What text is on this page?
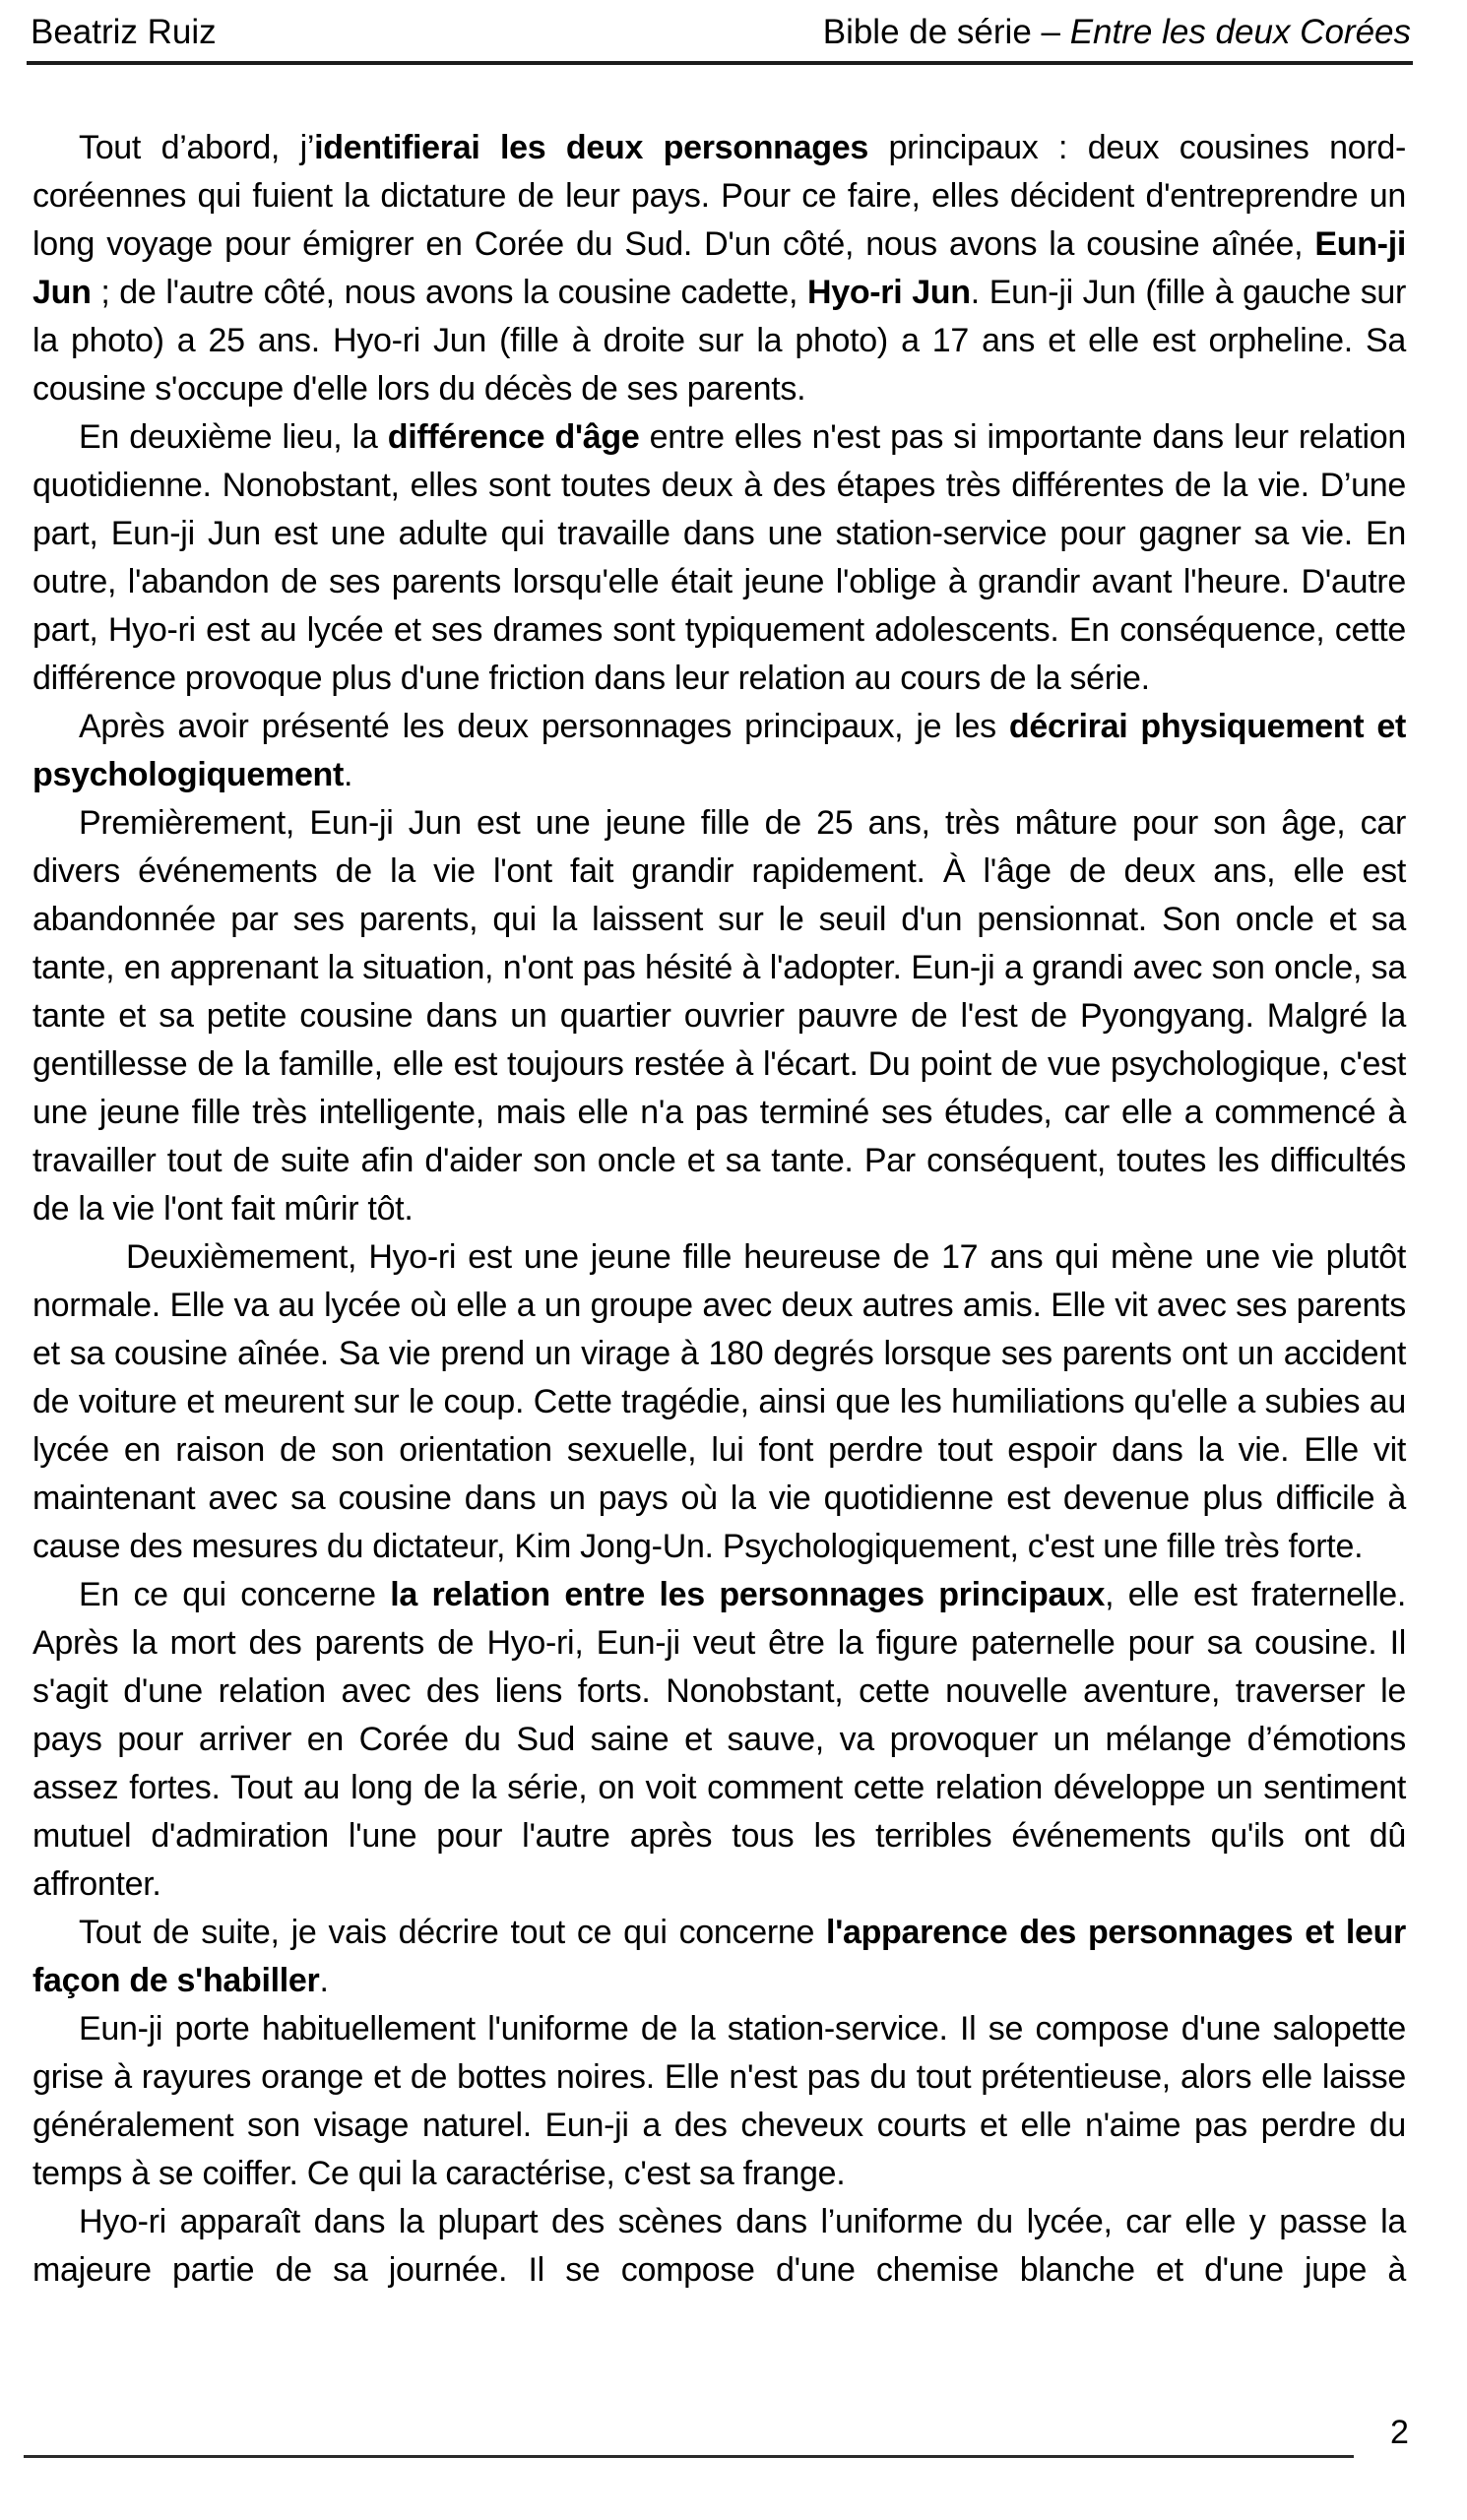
Beatriz Ruiz	Bible de série – Entre les deux Corées

Tout d’abord, j’identifierai les deux personnages principaux : deux cousines nord-coréennes qui fuient la dictature de leur pays. Pour ce faire, elles décident d'entreprendre un long voyage pour émigrer en Corée du Sud. D'un côté, nous avons la cousine aînée, Eun-ji Jun ; de l'autre côté, nous avons la cousine cadette, Hyo-ri Jun. Eun-ji Jun (fille à gauche sur la photo) a 25 ans. Hyo-ri Jun (fille à droite sur la photo) a 17 ans et elle est orpheline. Sa cousine s'occupe d'elle lors du décès de ses parents.

En deuxième lieu, la différence d'âge entre elles n'est pas si importante dans leur relation quotidienne. Nonobstant, elles sont toutes deux à des étapes très différentes de la vie. D’une part, Eun-ji Jun est une adulte qui travaille dans une station-service pour gagner sa vie. En outre, l'abandon de ses parents lorsqu'elle était jeune l'oblige à grandir avant l'heure. D'autre part, Hyo-ri est au lycée et ses drames sont typiquement adolescents. En conséquence, cette différence provoque plus d'une friction dans leur relation au cours de la série.

Après avoir présenté les deux personnages principaux, je les décrirai physiquement et psychologiquement.

Premièrement, Eun-ji Jun est une jeune fille de 25 ans, très mâture pour son âge, car divers événements de la vie l'ont fait grandir rapidement. À l'âge de deux ans, elle est abandonnée par ses parents, qui la laissent sur le seuil d'un pensionnat. Son oncle et sa tante, en apprenant la situation, n'ont pas hésité à l'adopter. Eun-ji a grandi avec son oncle, sa tante et sa petite cousine dans un quartier ouvrier pauvre de l'est de Pyongyang. Malgré la gentillesse de la famille, elle est toujours restée à l'écart. Du point de vue psychologique, c'est une jeune fille très intelligente, mais elle n'a pas terminé ses études, car elle a commencé à travailler tout de suite afin d'aider son oncle et sa tante. Par conséquent, toutes les difficultés de la vie l'ont fait mûrir tôt.

Deuxièmement, Hyo-ri est une jeune fille heureuse de 17 ans qui mène une vie plutôt normale. Elle va au lycée où elle a un groupe avec deux autres amis. Elle vit avec ses parents et sa cousine aînée. Sa vie prend un virage à 180 degrés lorsque ses parents ont un accident de voiture et meurent sur le coup. Cette tragédie, ainsi que les humiliations qu'elle a subies au lycée en raison de son orientation sexuelle, lui font perdre tout espoir dans la vie. Elle vit maintenant avec sa cousine dans un pays où la vie quotidienne est devenue plus difficile à cause des mesures du dictateur, Kim Jong-Un. Psychologiquement, c'est une fille très forte.

En ce qui concerne la relation entre les personnages principaux, elle est fraternelle. Après la mort des parents de Hyo-ri, Eun-ji veut être la figure paternelle pour sa cousine. Il s'agit d'une relation avec des liens forts. Nonobstant, cette nouvelle aventure, traverser le pays pour arriver en Corée du Sud saine et sauve, va provoquer un mélange d’émotions assez fortes. Tout au long de la série, on voit comment cette relation développe un sentiment mutuel d'admiration l'une pour l'autre après tous les terribles événements qu'ils ont dû affronter.

Tout de suite, je vais décrire tout ce qui concerne l'apparence des personnages et leur façon de s'habiller.

Eun-ji porte habituellement l'uniforme de la station-service. Il se compose d'une salopette grise à rayures orange et de bottes noires. Elle n'est pas du tout prétentieuse, alors elle laisse généralement son visage naturel. Eun-ji a des cheveux courts et elle n'aime pas perdre du temps à se coiffer. Ce qui la caractérise, c'est sa frange.

Hyo-ri apparaît dans la plupart des scènes dans l’uniforme du lycée, car elle y passe la majeure partie de sa journée. Il se compose d'une chemise blanche et d'une jupe à

2
